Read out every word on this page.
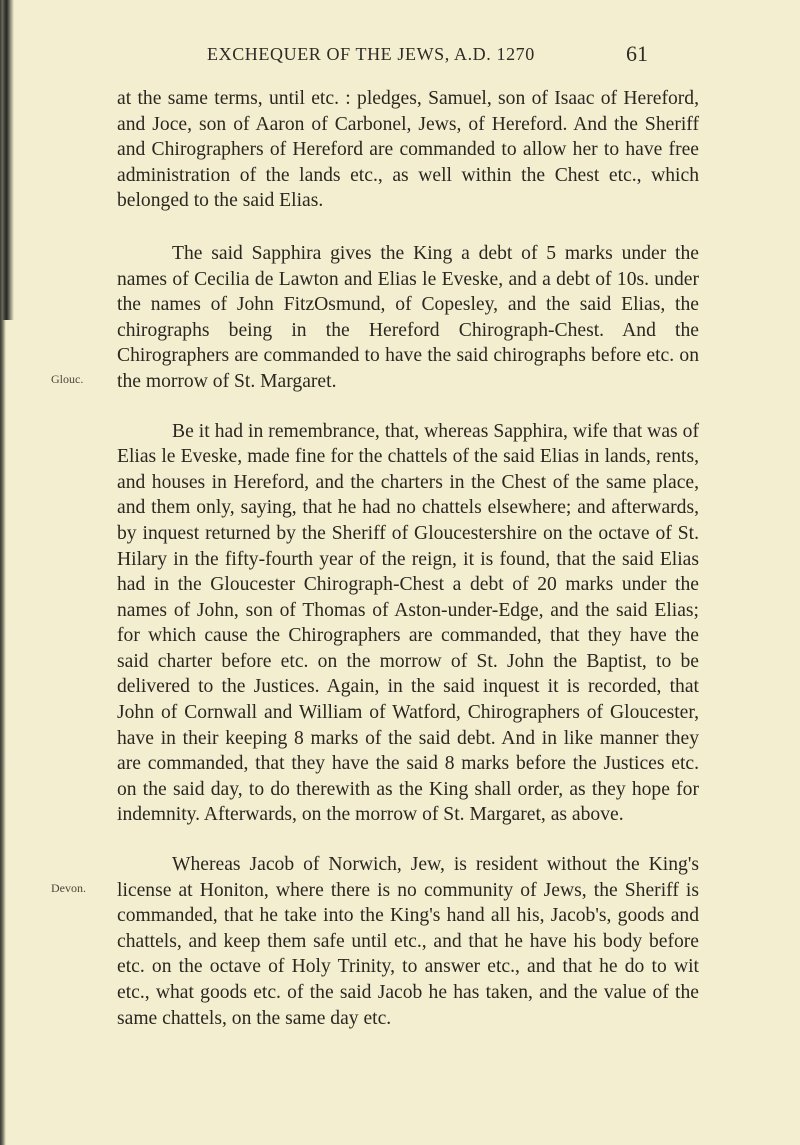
EXCHEQUER OF THE JEWS, A.D. 1270	61
Glouc.
Devon.

at the same terms, until etc. : pledges, Samuel, son of Isaac of Hereford, and Joce, son of Aaron of Carbonel, Jews, of Hereford. And the Sheriff and Chirographers of Hereford are commanded to allow her to have free administration of the lands etc., as well within the Chest etc., which belonged to the said Elias.

The said Sapphira gives the King a debt of 5 marks under the names of Cecilia de Lawton and Elias le Eveske, and a debt of 10s. under the names of John FitzOsmund, of Copesley, and the said Elias, the chirographs being in the Hereford Chirograph-Chest. And the Chirographers are commanded to have the said chirographs before etc. on the morrow of St. Margaret.

Be it had in remembrance, that, whereas Sapphira, wife that was of Elias le Eveske, made fine for the chattels of the said Elias in lands, rents, and houses in Hereford, and the charters in the Chest of the same place, and them only, saying, that he had no chattels elsewhere; and afterwards, by inquest returned by the Sheriff of Gloucestershire on the octave of St. Hilary in the fifty-fourth year of the reign, it is found, that the said Elias had in the Gloucester Chirograph-Chest a debt of 20 marks under the names of John, son of Thomas of Aston-under-Edge, and the said Elias; for which cause the Chirographers are commanded, that they have the said charter before etc. on the morrow of St. John the Baptist, to be delivered to the Justices. Again, in the said inquest it is recorded, that John of Cornwall and William of Watford, Chirographers of Gloucester, have in their keeping 8 marks of the said debt. And in like manner they are commanded, that they have the said 8 marks before the Justices etc. on the said day, to do therewith as the King shall order, as they hope for indemnity. Afterwards, on the morrow of St. Margaret, as above.

Whereas Jacob of Norwich, Jew, is resident without the King's license at Honiton, where there is no community of Jews, the Sheriff is commanded, that he take into the King's hand all his, Jacob's, goods and chattels, and keep them safe until etc., and that he have his body before etc. on the octave of Holy Trinity, to answer etc., and that he do to wit etc., what goods etc. of the said Jacob he has taken, and the value of the same chattels, on the same day etc.
